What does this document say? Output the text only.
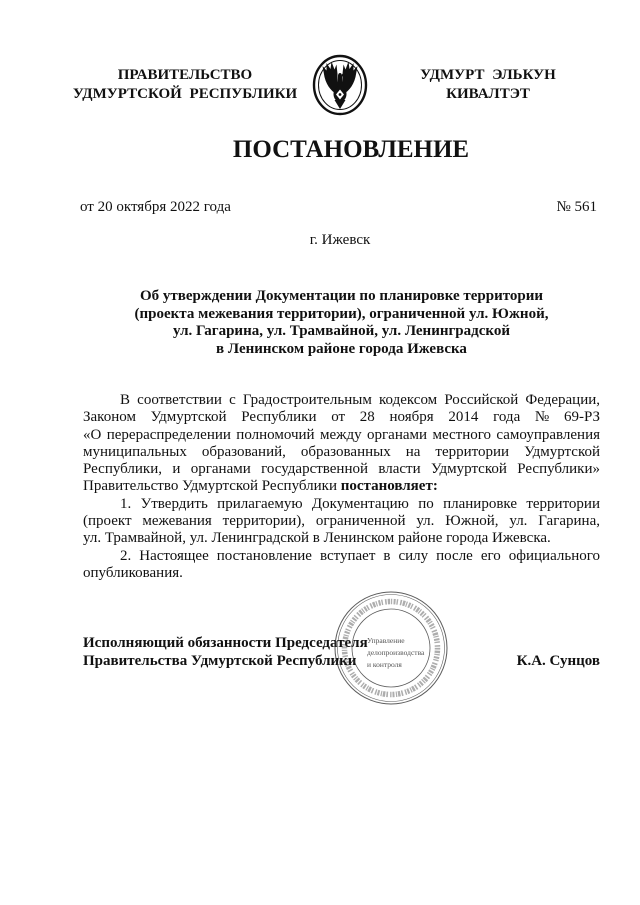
ПРАВИТЕЛЬСТВО
УДМУРТСКОЙ РЕСПУБЛИКИ
УДМУРТ ЭЛЬКУН
КИВАЛТЭТ
ПОСТАНОВЛЕНИЕ
от 20 октября 2022 года	№ 561
г. Ижевск
Об утверждении Документации по планировке территории
(проекта межевания территории), ограниченной ул. Южной,
ул. Гагарина, ул. Трамвайной, ул. Ленинградской
в Ленинском районе города Ижевска
В соответствии с Градостроительным кодексом Российской Федерации,
Законом Удмуртской Республики от 28 ноября 2014 года № 69-РЗ
«О перераспределении полномочий между органами местного самоуправления
муниципальных образований, образованных на территории Удмуртской
Республики, и органами государственной власти Удмуртской Республики»
Правительство Удмуртской Республики постановляет:
1. Утвердить прилагаемую Документацию по планировке территории
(проект межевания территории), ограниченной ул. Южной, ул. Гагарина,
ул. Трамвайной, ул. Ленинградской в Ленинском районе города Ижевска.
2. Настоящее постановление вступает в силу после его официального
опубликования.
Исполняющий обязанности Председателя
Правительства Удмуртской Республики	К.А. Сунцов
Управление
делопроизводства
и контроля
